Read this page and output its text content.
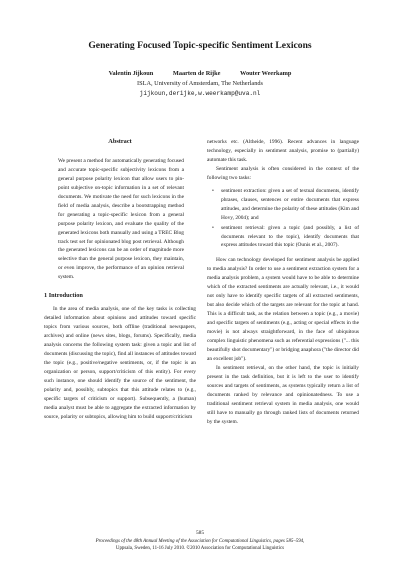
Generating Focused Topic-specific Sentiment Lexicons
Valentin Jijkoun	Maarten de Rijke	Wouter Weerkamp
ISLA, University of Amsterdam, The Netherlands
jijkoun,derijke,w.weerkamp@uva.nl
Abstract

We present a method for automatically generating focused and accurate topic-specific subjectivity lexicons from a general purpose polarity lexicon that allow users to pin-point subjective on-topic information in a set of relevant documents. We motivate the need for such lexicons in the field of media analysis, describe a bootstrapping method for generating a topic-specific lexicon from a general purpose polarity lexicon, and evaluate the quality of the generated lexicons both manually and using a TREC Blog track test set for opinionated blog post retrieval. Although the generated lexicons can be an order of magnitude more selective than the general purpose lexicon, they maintain, or even improve, the performance of an opinion retrieval system.

1 Introduction

In the area of media analysis, one of the key tasks is collecting detailed information about opinions and attitudes toward specific topics from various sources, both offline (traditional newspapers, archives) and online (news sites, blogs, forums). Specifically, media analysis concerns the following system task: given a topic and list of documents (discussing the topic), find all instances of attitudes toward the topic (e.g., positive/negative sentiments, or, if the topic is an organization or person, support/criticism of this entity). For every such instance, one should identify the source of the sentiment, the polarity and, possibly, subtopics that this attitude relates to (e.g., specific targets of criticism or support). Subsequently, a (human) media analyst must be able to aggregate the extracted information by source, polarity or subtopics, allowing him to build support/criticism

networks etc. (Altheide, 1996). Recent advances in language technology, especially in sentiment analysis, promise to (partially) automate this task.

Sentiment analysis is often considered in the context of the following two tasks:

• sentiment extraction: given a set of textual documents, identify phrases, clauses, sentences or entire documents that express attitudes, and determine the polarity of these attitudes (Kim and Hovy, 2004); and
• sentiment retrieval: given a topic (and possibly, a list of documents relevant to the topic), identify documents that express attitudes toward this topic (Ounis et al., 2007).

How can technology developed for sentiment analysis be applied to media analysis? In order to use a sentiment extraction system for a media analysis problem, a system would have to be able to determine which of the extracted sentiments are actually relevant, i.e., it would not only have to identify specific targets of all extracted sentiments, but also decide which of the targets are relevant for the topic at hand. This is a difficult task, as the relation between a topic (e.g., a movie) and specific targets of sentiments (e.g., acting or special effects in the movie) is not always straightforward, in the face of ubiquitous complex linguistic phenomena such as referential expressions ("... this beautifully shot documentary") or bridging anaphora ("the director did an excellent job").

In sentiment retrieval, on the other hand, the topic is initially present in the task definition, but it is left to the user to identify sources and targets of sentiments, as systems typically return a list of documents ranked by relevance and opinionatedness. To use a traditional sentiment retrieval system in media analysis, one would still have to manually go through ranked lists of documents returned by the system.

585
Proceedings of the 48th Annual Meeting of the Association for Computational Linguistics, pages 585–594,
Uppsala, Sweden, 11-16 July 2010. ©2010 Association for Computational Linguistics
